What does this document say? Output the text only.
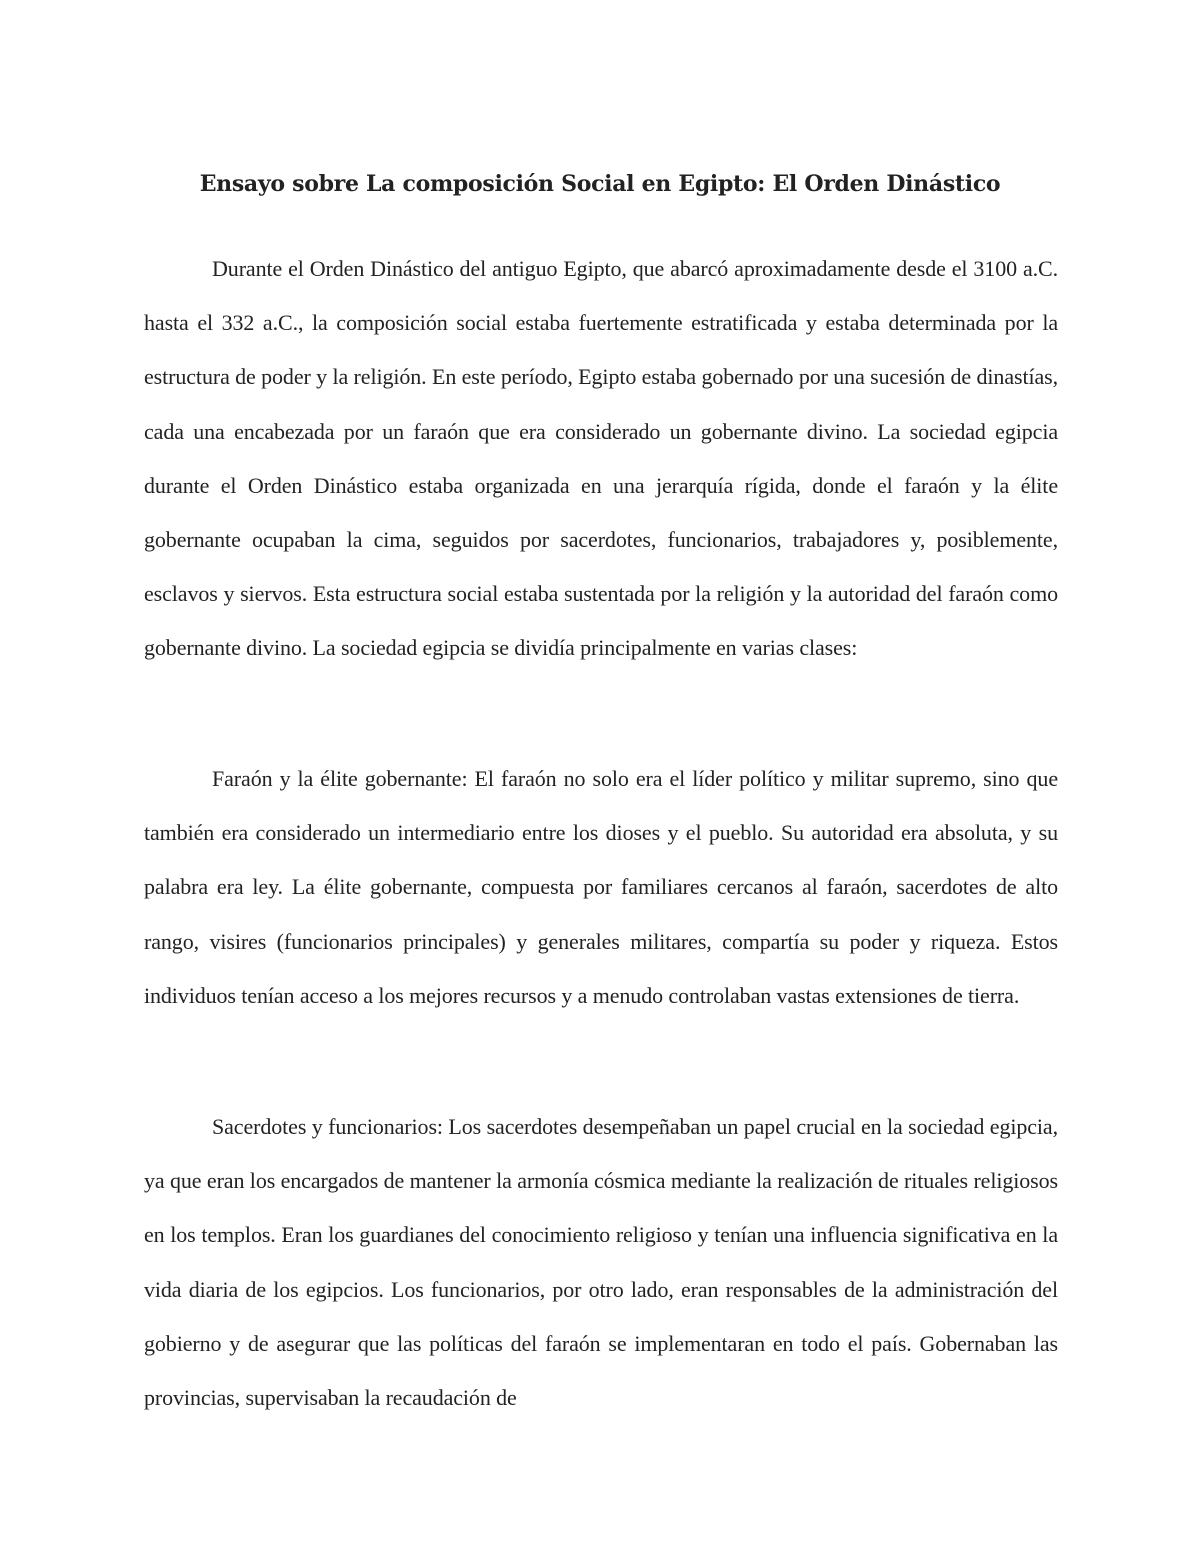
Ensayo sobre La composición Social en Egipto: El Orden Dinástico

Durante el Orden Dinástico del antiguo Egipto, que abarcó aproximadamente desde el 3100 a.C. hasta el 332 a.C., la composición social estaba fuertemente estratificada y estaba determinada por la estructura de poder y la religión. En este período, Egipto estaba gobernado por una sucesión de dinastías, cada una encabezada por un faraón que era considerado un gobernante divino. La sociedad egipcia durante el Orden Dinástico estaba organizada en una jerarquía rígida, donde el faraón y la élite gobernante ocupaban la cima, seguidos por sacerdotes, funcionarios, trabajadores y, posiblemente, esclavos y siervos. Esta estructura social estaba sustentada por la religión y la autoridad del faraón como gobernante divino. La sociedad egipcia se dividía principalmente en varias clases:

Faraón y la élite gobernante: El faraón no solo era el líder político y militar supremo, sino que también era considerado un intermediario entre los dioses y el pueblo. Su autoridad era absoluta, y su palabra era ley. La élite gobernante, compuesta por familiares cercanos al faraón, sacerdotes de alto rango, visires (funcionarios principales) y generales militares, compartía su poder y riqueza. Estos individuos tenían acceso a los mejores recursos y a menudo controlaban vastas extensiones de tierra.

Sacerdotes y funcionarios: Los sacerdotes desempeñaban un papel crucial en la sociedad egipcia, ya que eran los encargados de mantener la armonía cósmica mediante la realización de rituales religiosos en los templos. Eran los guardianes del conocimiento religioso y tenían una influencia significativa en la vida diaria de los egipcios. Los funcionarios, por otro lado, eran responsables de la administración del gobierno y de asegurar que las políticas del faraón se implementaran en todo el país. Gobernaban las provincias, supervisaban la recaudación de
